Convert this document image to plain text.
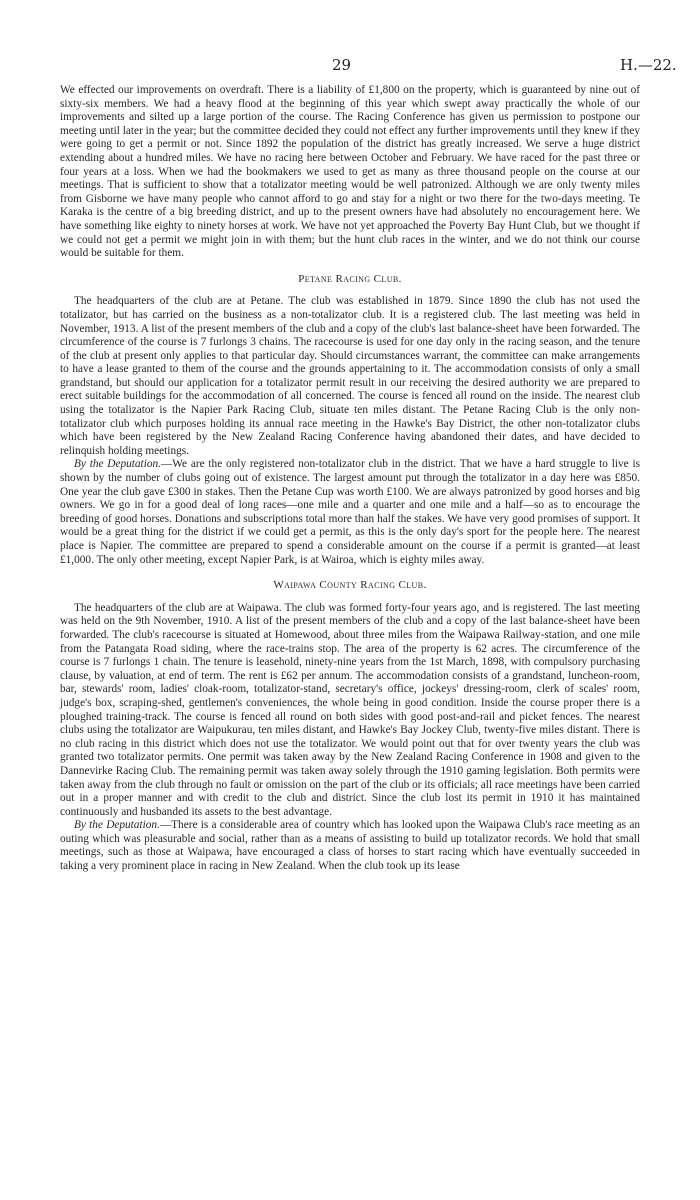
29	H.—22.

We effected our improvements on overdraft. There is a liability of £1,800 on the property, which is guaranteed by nine out of sixty-six members. We had a heavy flood at the beginning of this year which swept away practically the whole of our improvements and silted up a large portion of the course. The Racing Conference has given us permission to postpone our meeting until later in the year; but the committee decided they could not effect any further improvements until they knew if they were going to get a permit or not. Since 1892 the population of the district has greatly increased. We serve a huge district extending about a hundred miles. We have no racing here between October and February. We have raced for the past three or four years at a loss. When we had the bookmakers we used to get as many as three thousand people on the course at our meetings. That is sufficient to show that a totalizator meeting would be well patronized. Although we are only twenty miles from Gisborne we have many people who cannot afford to go and stay for a night or two there for the two-days meeting. Te Karaka is the centre of a big breeding district, and up to the present owners have had absolutely no encouragement here. We have something like eighty to ninety horses at work. We have not yet approached the Poverty Bay Hunt Club, but we thought if we could not get a permit we might join in with them; but the hunt club races in the winter, and we do not think our course would be suitable for them.

Petane Racing Club.

The headquarters of the club are at Petane. The club was established in 1879. Since 1890 the club has not used the totalizator, but has carried on the business as a non-totalizator club. It is a registered club. The last meeting was held in November, 1913. A list of the present members of the club and a copy of the club's last balance-sheet have been forwarded. The circumference of the course is 7 furlongs 3 chains. The racecourse is used for one day only in the racing season, and the tenure of the club at present only applies to that particular day. Should circumstances warrant, the committee can make arrangements to have a lease granted to them of the course and the grounds appertaining to it. The accommodation consists of only a small grandstand, but should our application for a totalizator permit result in our receiving the desired authority we are prepared to erect suitable buildings for the accommodation of all concerned. The course is fenced all round on the inside. The nearest club using the totalizator is the Napier Park Racing Club, situate ten miles distant. The Petane Racing Club is the only non-totalizator club which purposes holding its annual race meeting in the Hawke's Bay District, the other non-totalizator clubs which have been registered by the New Zealand Racing Conference having abandoned their dates, and have decided to relinquish holding meetings.

By the Deputation.—We are the only registered non-totalizator club in the district. That we have a hard struggle to live is shown by the number of clubs going out of existence. The largest amount put through the totalizator in a day here was £850. One year the club gave £300 in stakes. Then the Petane Cup was worth £100. We are always patronized by good horses and big owners. We go in for a good deal of long races—one mile and a quarter and one mile and a half—so as to encourage the breeding of good horses. Donations and subscriptions total more than half the stakes. We have very good promises of support. It would be a great thing for the district if we could get a permit, as this is the only day's sport for the people here. The nearest place is Napier. The committee are prepared to spend a considerable amount on the course if a permit is granted—at least £1,000. The only other meeting, except Napier Park, is at Wairoa, which is eighty miles away.

Waipawa County Racing Club.

The headquarters of the club are at Waipawa. The club was formed forty-four years ago, and is registered. The last meeting was held on the 9th November, 1910. A list of the present members of the club and a copy of the last balance-sheet have been forwarded. The club's racecourse is situated at Homewood, about three miles from the Waipawa Railway-station, and one mile from the Patangata Road siding, where the race-trains stop. The area of the property is 62 acres. The circumference of the course is 7 furlongs 1 chain. The tenure is leasehold, ninety-nine years from the 1st March, 1898, with compulsory purchasing clause, by valuation, at end of term. The rent is £62 per annum. The accommodation consists of a grandstand, luncheon-room, bar, stewards' room, ladies' cloak-room, totalizator-stand, secretary's office, jockeys' dressing-room, clerk of scales' room, judge's box, scraping-shed, gentlemen's conveniences, the whole being in good condition. Inside the course proper there is a ploughed training-track. The course is fenced all round on both sides with good post-and-rail and picket fences. The nearest clubs using the totalizator are Waipukurau, ten miles distant, and Hawke's Bay Jockey Club, twenty-five miles distant. There is no club racing in this district which does not use the totalizator. We would point out that for over twenty years the club was granted two totalizator permits. One permit was taken away by the New Zealand Racing Conference in 1908 and given to the Dannevirke Racing Club. The remaining permit was taken away solely through the 1910 gaming legislation. Both permits were taken away from the club through no fault or omission on the part of the club or its officials; all race meetings have been carried out in a proper manner and with credit to the club and district. Since the club lost its permit in 1910 it has maintained continuously and husbanded its assets to the best advantage.

By the Deputation.—There is a considerable area of country which has looked upon the Waipawa Club's race meeting as an outing which was pleasurable and social, rather than as a means of assisting to build up totalizator records. We hold that small meetings, such as those at Waipawa, have encouraged a class of horses to start racing which have eventually succeeded in taking a very prominent place in racing in New Zealand. When the club took up its lease
